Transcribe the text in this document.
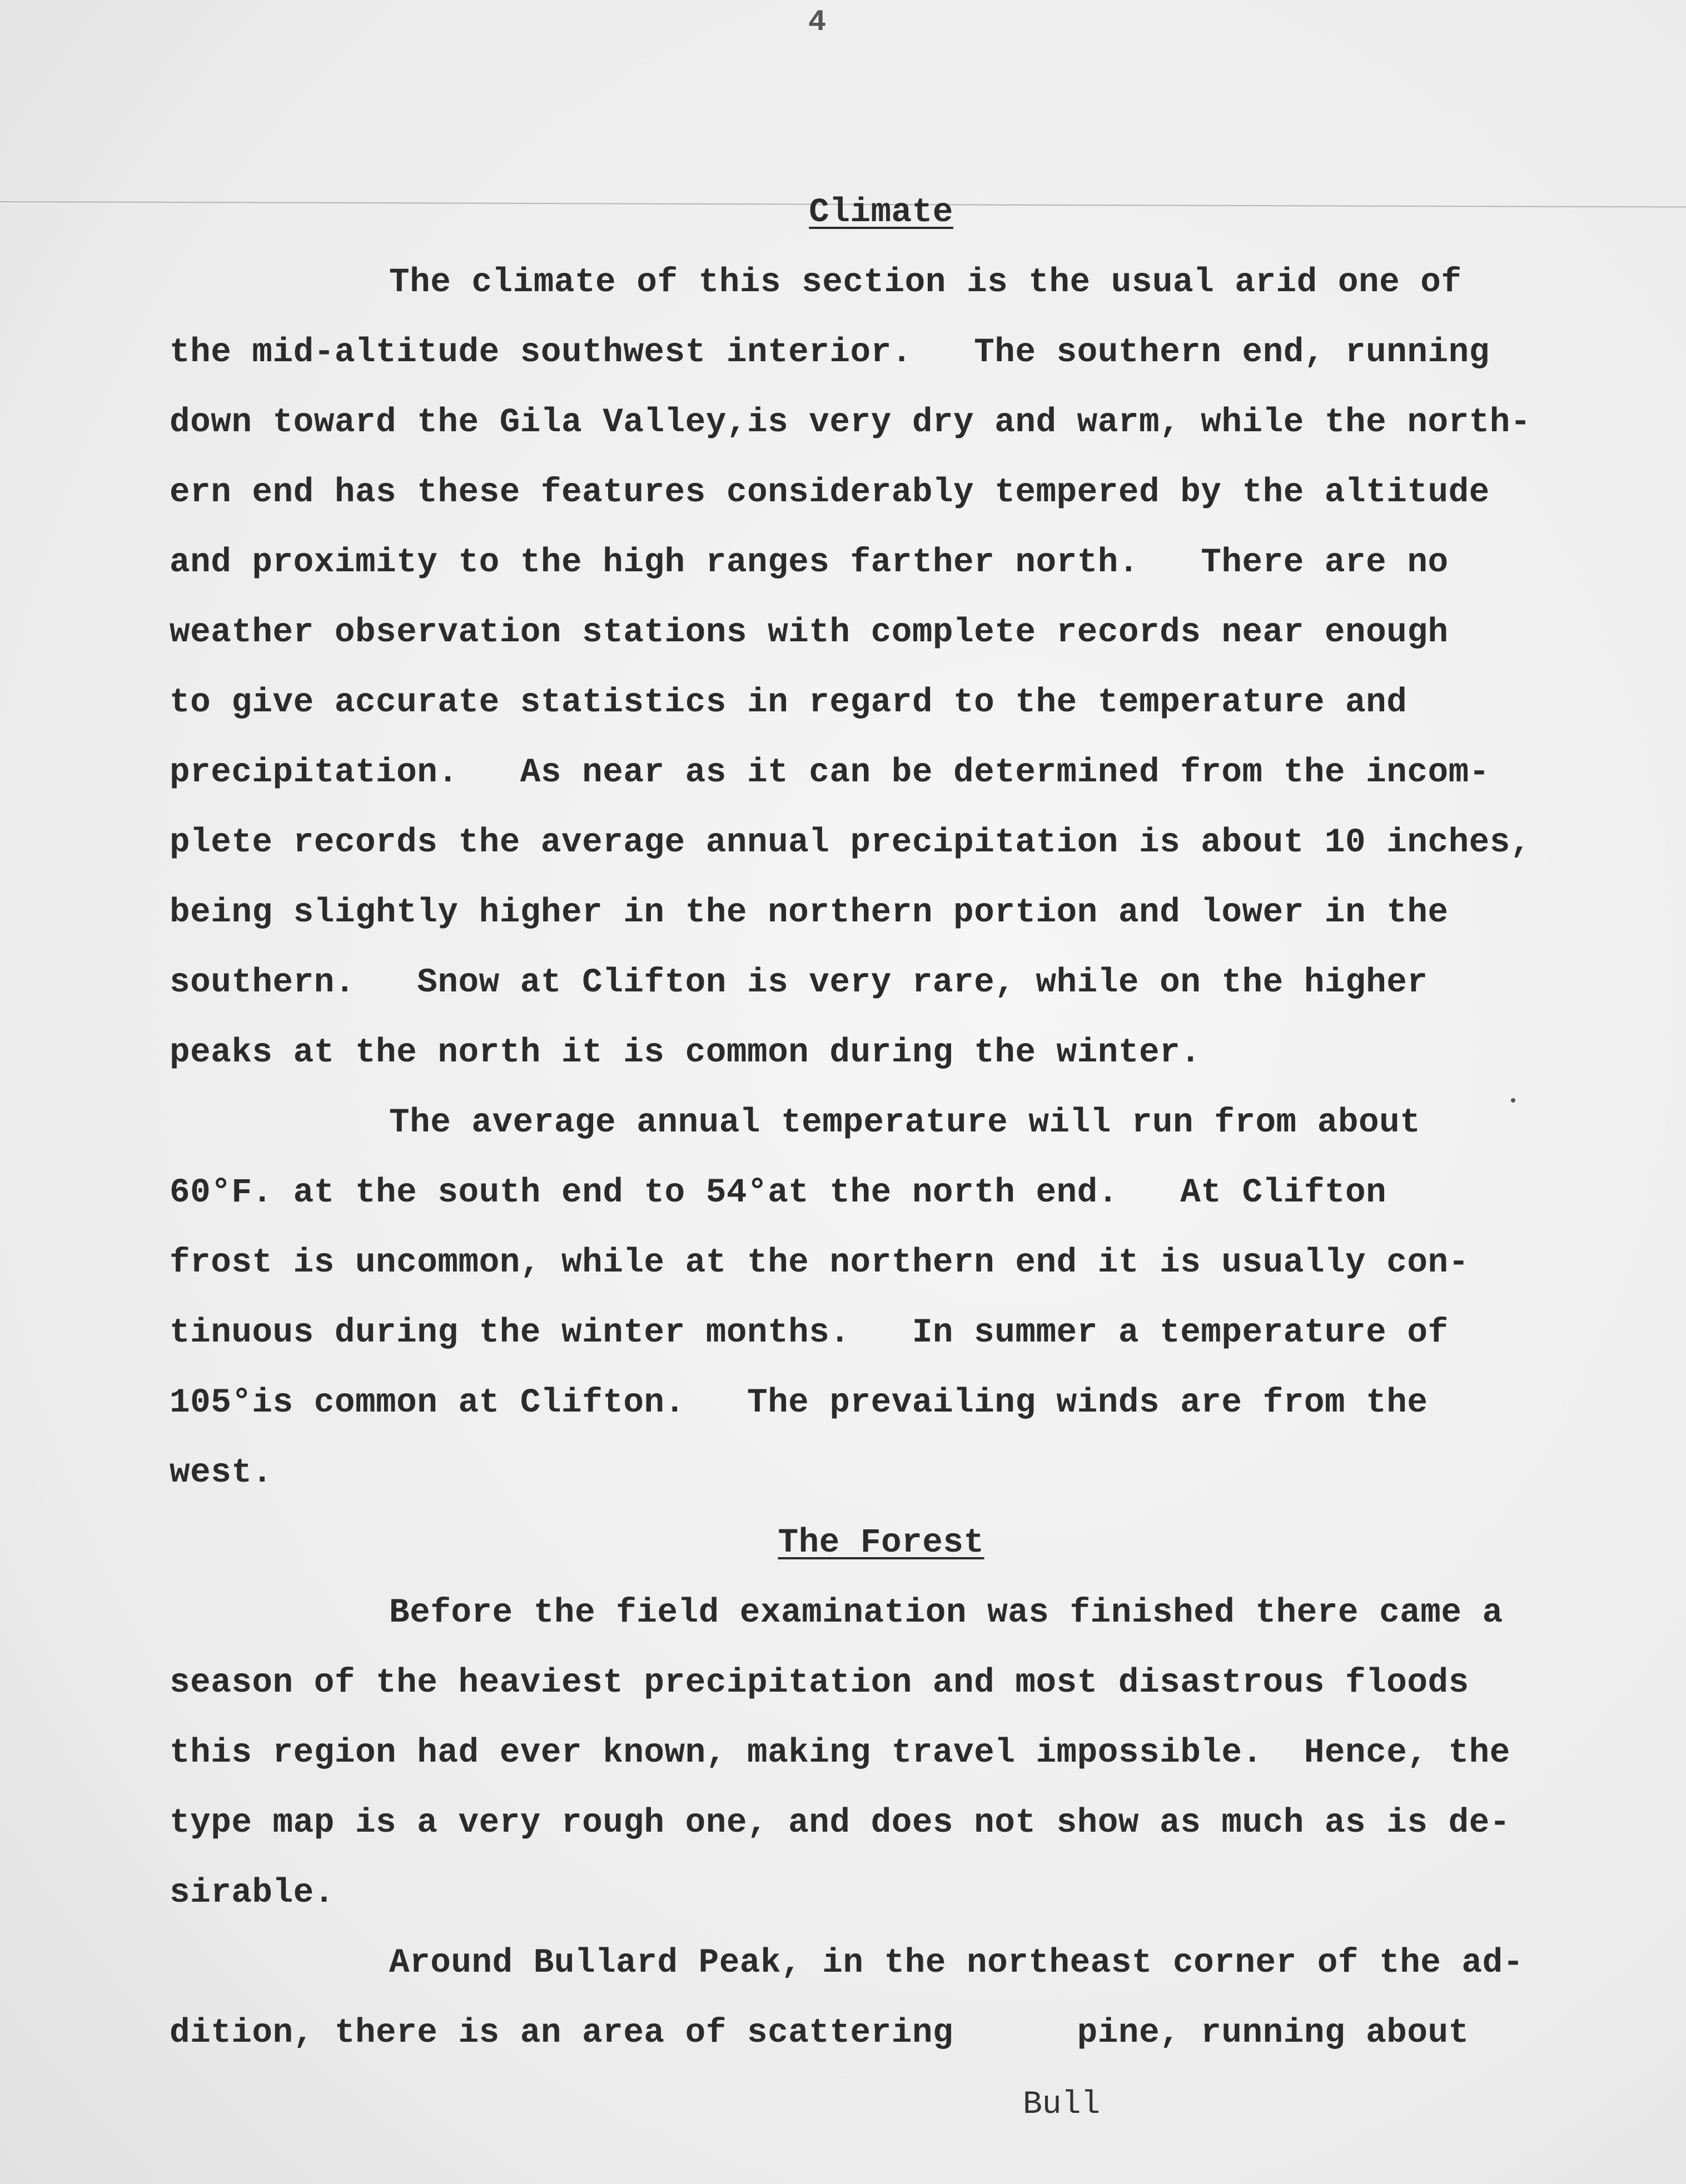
4
Climate
The climate of this section is the usual arid one of
the mid-altitude southwest interior.   The southern end, running
down toward the Gila Valley,is very dry and warm, while the north-
ern end has these features considerably tempered by the altitude
and proximity to the high ranges farther north.   There are no
weather observation stations with complete records near enough
to give accurate statistics in regard to the temperature and
precipitation.   As near as it can be determined from the incom-
plete records the average annual precipitation is about 10 inches,
being slightly higher in the northern portion and lower in the
southern.   Snow at Clifton is very rare, while on the higher
peaks at the north it is common during the winter.
The average annual temperature will run from about
60°F. at the south end to 54°at the north end.   At Clifton
frost is uncommon, while at the northern end it is usually con-
tinuous during the winter months.   In summer a temperature of
105°is common at Clifton.   The prevailing winds are from the
west.
The Forest
Before the field examination was finished there came a
season of the heaviest precipitation and most disastrous floods
this region had ever known, making travel impossible.  Hence, the
type map is a very rough one, and does not show as much as is de-
sirable.
Around Bullard Peak, in the northeast corner of the ad-
dition, there is an area of scattering      pine, running about
Bull
